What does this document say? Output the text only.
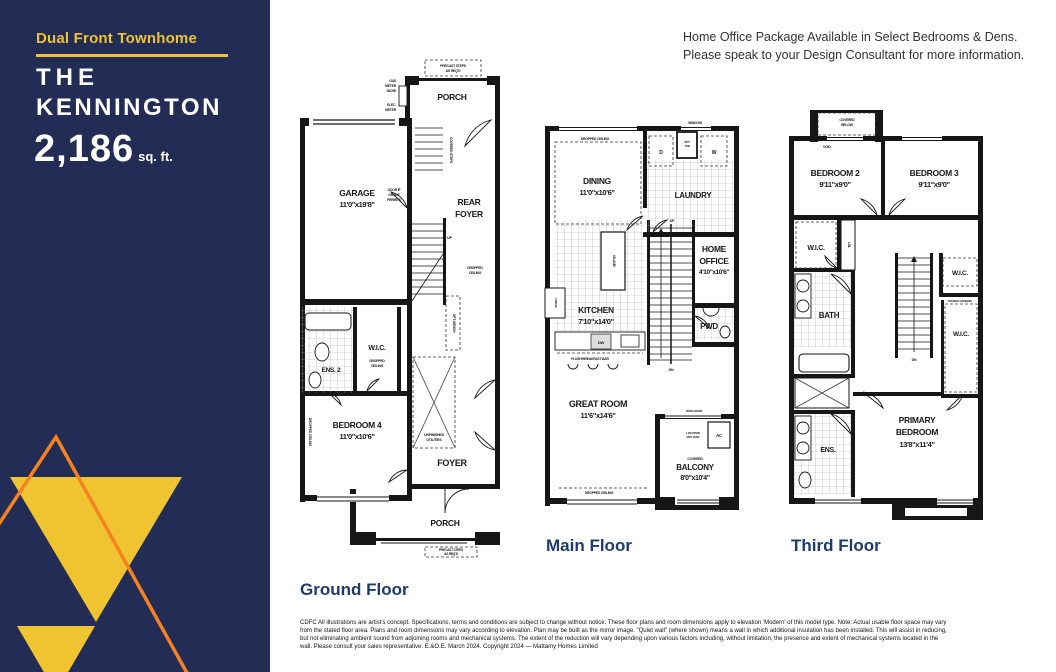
Dual Front Townhome
THE
KENNINGTON
2,186 sq. ft.
Home Office Package Available in Select Bedrooms & Dens.
Please speak to your Design Consultant for more information.
PORCH
PRECAST STEPS
AS REQ'D
GAS
METER
NICHE
ELEC.
METER
COVERED STEPS
GARAGE
11'0"x19'8"
DOOR IF
GRADE
PERMITS	REAR
FOYER
UP
DROPPED
CEILING
OPT. BENCH
W.I.C.
DROPPED
CEILING
ENS. 2
BEDROOM 4
11'0"x10'6"
DROPPED CEILING	UNFINISHED
UTILITIES
FOYER
PORCH
PRECAST STEPS
AS REQ'D
Ground Floor
WINDOW
DROPPED CEILING
DINING
11'0"x10'6"
D	W
OPT.
TUB
LAUNDRY
FRIDGE
ISLAND
KITCHEN
7'10"x14'0"
DW
FLUSH BREAKFAST BAR
UP
DN
HOME
OFFICE
4'10"x10'6"
PWD
GREAT ROOM
11'6"x14'6"	PATIO DOOR
LOCATION
MAY VARY	AC
COVERED
BALCONY
8'0"x10'4"
DROPPED CEILING
Main Floor
COVERED
BELOW
VOID
BEDROOM 2
9'11"x9'0"
BEDROOM 3
9'11"x9'0"
W.I.C.	LIN.
BATH
DN
W.I.C.
DOUBLE HANGING
W.I.C.
ENS.
PRIMARY
BEDROOM
13'8"x11'4"
Third Floor
CDFC All illustrations are artist's concept. Specifications, terms and conditions are subject to change without notice. These floor plans and room dimensions apply to elevation 'Modern' of this model type. Note: Actual usable floor space may vary
from the stated floor area. Plans and room dimensions may vary according to elevation. Plan may be built as the mirror image. "Quiet wall" (where shown) means a wall in which additional insulation has been installed. This will assist in reducing,
but not eliminating ambient sound from adjoining rooms and mechanical systems. The extent of the reduction will vary depending upon various factors including, without limitation, the presence and extent of mechanical systems located in the
wall. Please consult your sales representative. E.&O.E. March 2024. Copyright 2024 — Mattamy Homes Limited
